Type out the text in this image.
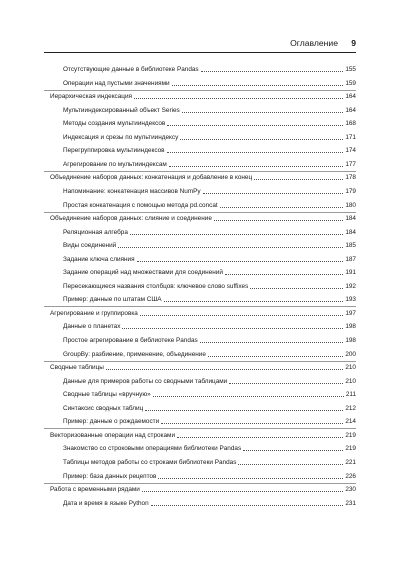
Оглавление 9
Отсутствующие данные в библиотеке Pandas	155
Операции над пустыми значениями	159
Иерархическая индексация	164
Мультииндексированный объект Series	164
Методы создания мультииндексов	168
Индексация и срезы по мультииндексу	171
Перегруппировка мультииндексов	174
Агрегирование по мультииндексам	177
Объединение наборов данных: конкатенация и добавление в конец	178
Напоминание: конкатенация массивов NumPy	179
Простая конкатенация с помощью метода pd.concat	180
Объединение наборов данных: слияние и соединение	184
Реляционная алгебра	184
Виды соединений	185
Задание ключа слияния	187
Задание операций над множествами для соединений	191
Пересекающиеся названия столбцов: ключевое слово suffixes	192
Пример: данные по штатам США	193
Агрегирование и группировка	197
Данные о планетах	198
Простое агрегирование в библиотеке Pandas	198
GroupBy: разбиение, применение, объединение	200
Сводные таблицы	210
Данные для примеров работы со сводными таблицами	210
Сводные таблицы «вручную»	211
Синтаксис сводных таблиц	212
Пример: данные о рождаемости	214
Векторизованные операции над строками	219
Знакомство со строковыми операциями библиотеки Pandas	219
Таблицы методов работы со строками библиотеки Pandas	221
Пример: база данных рецептов	226
Работа с временными рядами	230
Дата и время в языке Python	231
